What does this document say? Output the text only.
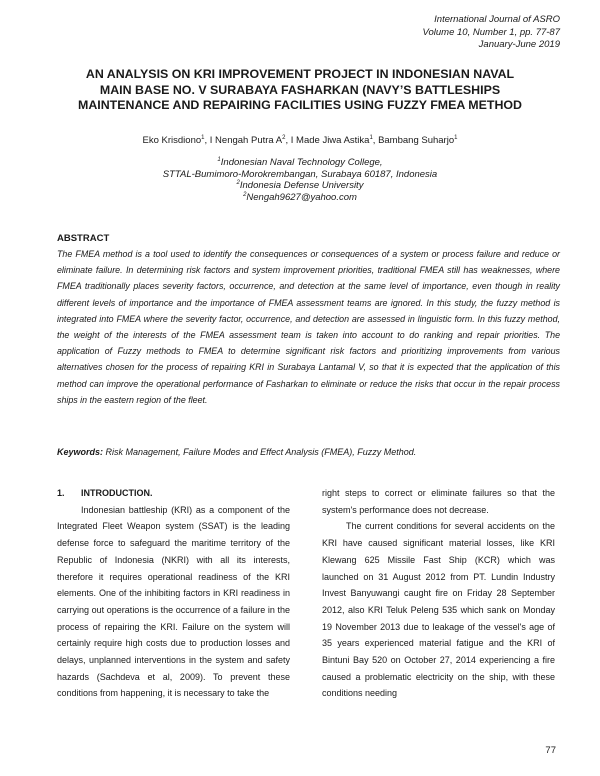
International Journal of ASRO
Volume 10, Number 1, pp. 77-87
January-June 2019
AN ANALYSIS ON KRI IMPROVEMENT PROJECT IN INDONESIAN NAVAL
MAIN BASE NO. V SURABAYA FASHARKAN (NAVY’S BATTLESHIPS
MAINTENANCE AND REPAIRING FACILITIES USING FUZZY FMEA METHOD
Eko Krisdiono$^1$, I Nengah Putra $A^2$, I Made Jiwa Astika$^1$, Bambang Suharjo$^1$
$^1$Indonesian Naval Technology College,
STTAL-Bumimoro-Morokrembangan, Surabaya 60187, Indonesia
$^2$Indonesia Defense University
$^2$Nengah9627@yahoo.com
ABSTRACT
The FMEA method is a tool used to identify the consequences or consequences of a system or process failure and reduce or eliminate failure. In determining risk factors and system improvement priorities, traditional FMEA still has weaknesses, where FMEA traditionally places severity factors, occurrence, and detection at the same level of importance, even though in reality different levels of importance and the importance of FMEA assessment teams are ignored. In this study, the fuzzy method is integrated into FMEA where the severity factor, occurrence, and detection are assessed in linguistic form. In this fuzzy method, the weight of the interests of the FMEA assessment team is taken into account to do ranking and repair priorities. The application of Fuzzy methods to FMEA to determine significant risk factors and prioritizing improvements from various alternatives chosen for the process of repairing KRI in Surabaya Lantamal V, so that it is expected that the application of this method can improve the operational performance of Fasharkan to eliminate or reduce the risks that occur in the repair process ships in the eastern region of the fleet.
Keywords: Risk Management, Failure Modes and Effect Analysis (FMEA), Fuzzy Method.

1. INTRODUCTION.

Indonesian battleship (KRI) as a component of the Integrated Fleet Weapon system (SSAT) is the leading defense force to safeguard the maritime territory of the Republic of Indonesia (NKRI) with all its interests, therefore it requires operational readiness of the KRI elements. One of the inhibiting factors in KRI readiness in carrying out operations is the occurrence of a failure in the process of repairing the KRI. Failure on the system will certainly require high costs due to production losses and delays, unplanned interventions in the system and safety hazards (Sachdeva et al, 2009). To prevent these conditions from happening, it is necessary to take the

right steps to correct or eliminate failures so that the system's performance does not decrease.

The current conditions for several accidents on the KRI have caused significant material losses, like KRI Klewang 625 Missile Fast Ship (KCR) which was launched on 31 August 2012 from PT. Lundin Industry Invest Banyuwangi caught fire on Friday 28 September 2012, also KRI Teluk Peleng 535 which sank on Monday 19 November 2013 due to leakage of the vessel's age of 35 years experienced material fatigue and the KRI of Bintuni Bay 520 on October 27, 2014 experiencing a fire caused a problematic electricity on the ship, with these conditions needing

77
